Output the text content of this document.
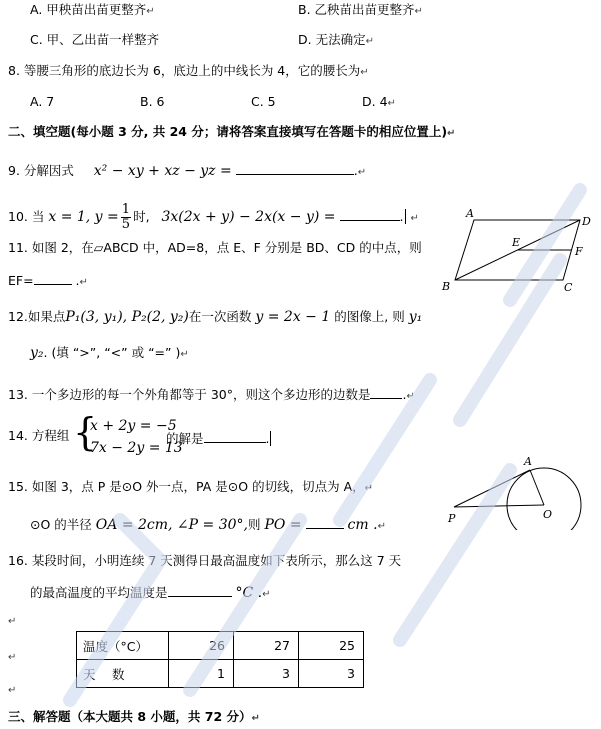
A. 甲秧苗出苗更整齐↵	B. 乙秧苗出苗更整齐↵
C. 甲、乙出苗一样整齐	D. 无法确定↵
8. 等腰三角形的底边长为 6，底边上的中线长为 4，它的腰长为↵
A. 7	B. 6	C. 5	D. 4↵
二、填空题(每小题 3 分, 共 24 分；请将答案直接填写在答题卡的相应位置上)↵
9. 分解因式 x² − xy + xz − yz =	.↵
10. 当 x = 1, $y = \frac{1}{5}$ 时, 3x(2x + y) − 2x(x − y) =	. ↵
11. 如图 2，在▱ABCD 中，AD=8，点 E、F 分别是 BD、CD 的中点，则
EF=	.↵
A
D
E
F
B	C
12.如果点P₁(3, y₁), P₂(2, y₂)在一次函数 y = 2x − 1 的图像上, 则 y₁
y₂. (填 “>”, “<” 或 “=” )↵
13. 一个多边形的每一个外角都等于 30°，则这个多边形的边数是	.↵
14. 方程组 {
x + 2y = −5
7x − 2y = 13
的解是	.
15. 如图 3，点 P 是⊙O 外一点，PA 是⊙O 的切线，切点为 A，↵
⊙O 的半径 OA = 2cm, ∠P = 30°,则 PO =	cm .↵
A
P	O
16. 某段时间，小明连续 7 天测得日最高温度如下表所示，那么这 7 天
的最高温度的平均温度是	°C .↵
↵
↵
↵
温度（°C）	26	27	25
天　 数	1	3	3
三、解答题（本大题共 8 小题，共 72 分）↵
